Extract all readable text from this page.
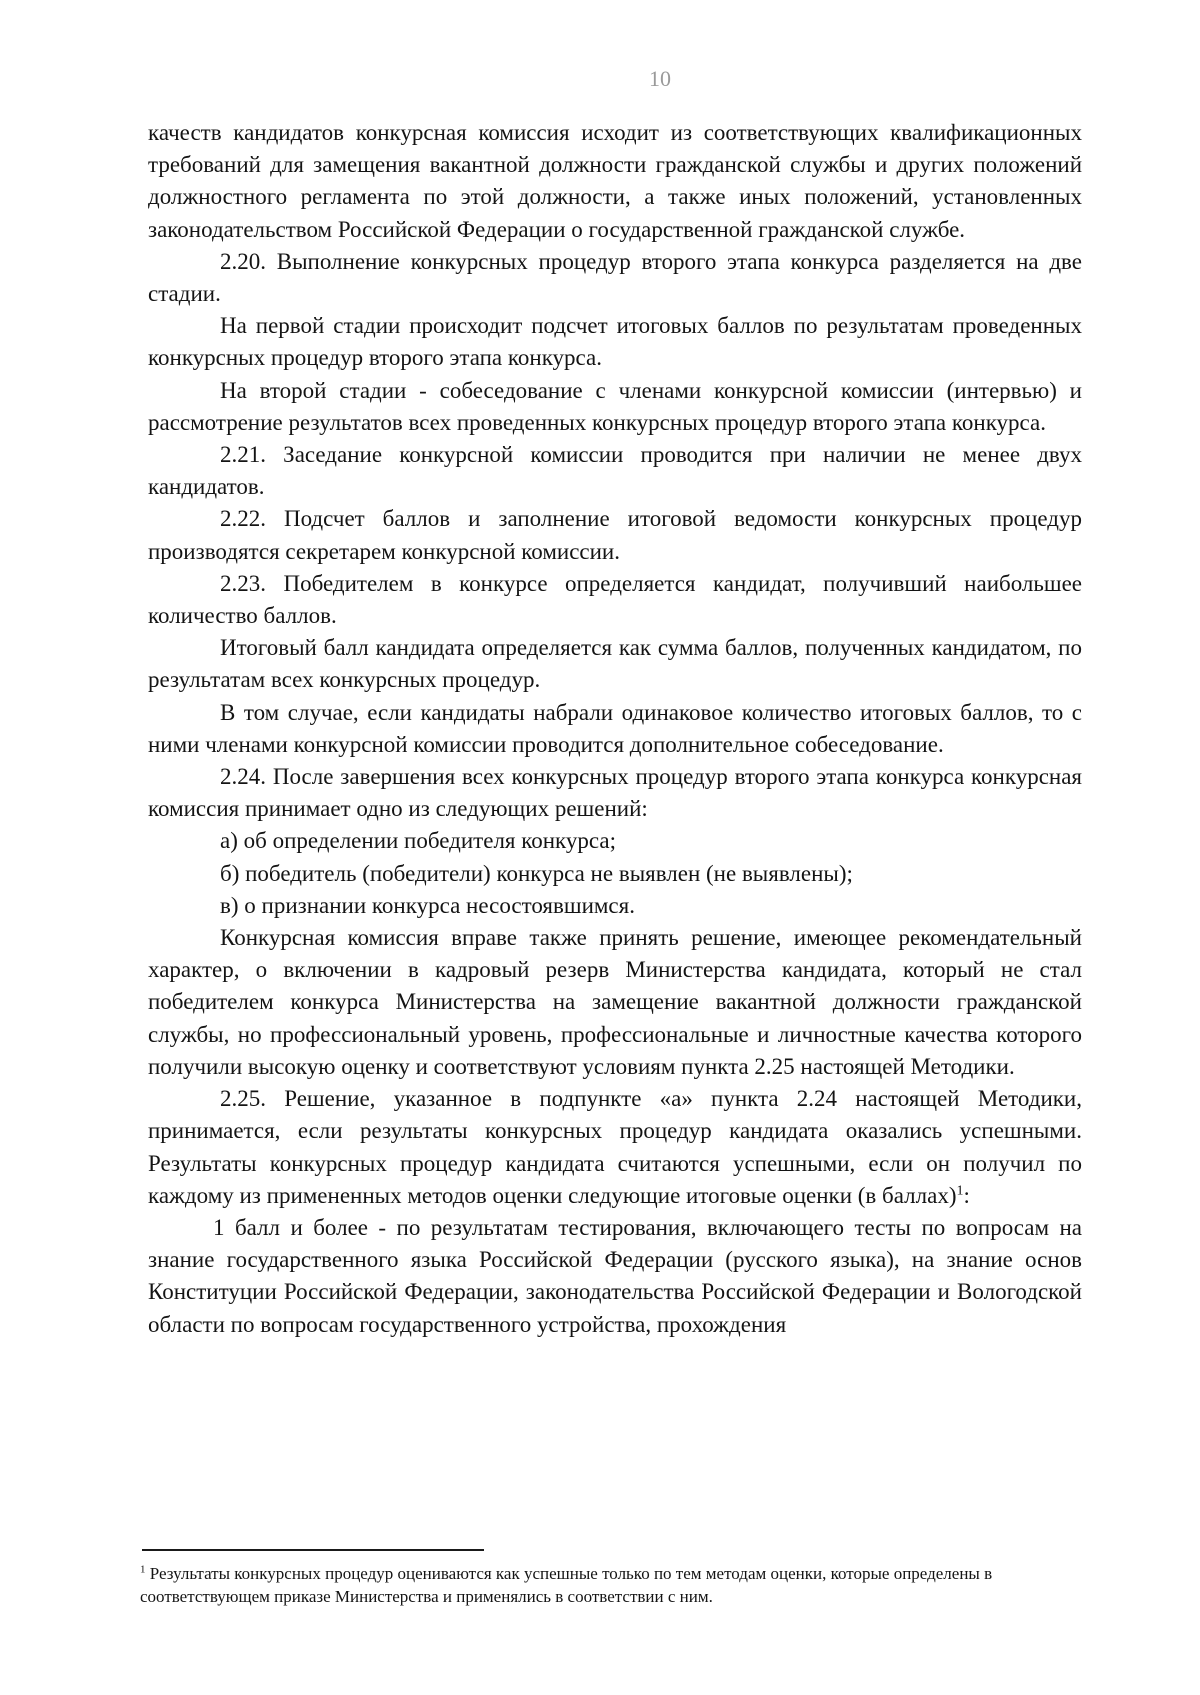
10

качеств кандидатов конкурсная комиссия исходит из соответствующих квалификационных требований для замещения вакантной должности гражданской службы и других положений должностного регламента по этой должности, а также иных положений, установленных законодательством Российской Федерации о государственной гражданской службе.

2.20. Выполнение конкурсных процедур второго этапа конкурса разделяется на две стадии.

На первой стадии происходит подсчет итоговых баллов по результатам проведенных конкурсных процедур второго этапа конкурса.

На второй стадии - собеседование с членами конкурсной комиссии (интервью) и рассмотрение результатов всех проведенных конкурсных процедур второго этапа конкурса.

2.21. Заседание конкурсной комиссии проводится при наличии не менее двух кандидатов.

2.22. Подсчет баллов и заполнение итоговой ведомости конкурсных процедур производятся секретарем конкурсной комиссии.

2.23. Победителем в конкурсе определяется кандидат, получивший наибольшее количество баллов.

Итоговый балл кандидата определяется как сумма баллов, полученных кандидатом, по результатам всех конкурсных процедур.

В том случае, если кандидаты набрали одинаковое количество итоговых баллов, то с ними членами конкурсной комиссии проводится дополнительное собеседование.

2.24. После завершения всех конкурсных процедур второго этапа конкурса конкурсная комиссия принимает одно из следующих решений:

а) об определении победителя конкурса;

б) победитель (победители) конкурса не выявлен (не выявлены);

в) о признании конкурса несостоявшимся.

Конкурсная комиссия вправе также принять решение, имеющее рекомендательный характер, о включении в кадровый резерв Министерства кандидата, который не стал победителем конкурса Министерства на замещение вакантной должности гражданской службы, но профессиональный уровень, профессиональные и личностные качества которого получили высокую оценку и соответствуют условиям пункта 2.25 настоящей Методики.

2.25. Решение, указанное в подпункте «а» пункта 2.24 настоящей Методики, принимается, если результаты конкурсных процедур кандидата оказались успешными. Результаты конкурсных процедур кандидата считаются успешными, если он получил по каждому из примененных методов оценки следующие итоговые оценки (в баллах)$^1$:

1 балл и более - по результатам тестирования, включающего тесты по вопросам на знание государственного языка Российской Федерации (русского языка), на знание основ Конституции Российской Федерации, законодательства Российской Федерации и Вологодской области по вопросам государственного устройства, прохождения

$^1$ Результаты конкурсных процедур оцениваются как успешные только по тем методам оценки, которые определены в соответствующем приказе Министерства и применялись в соответствии с ним.
